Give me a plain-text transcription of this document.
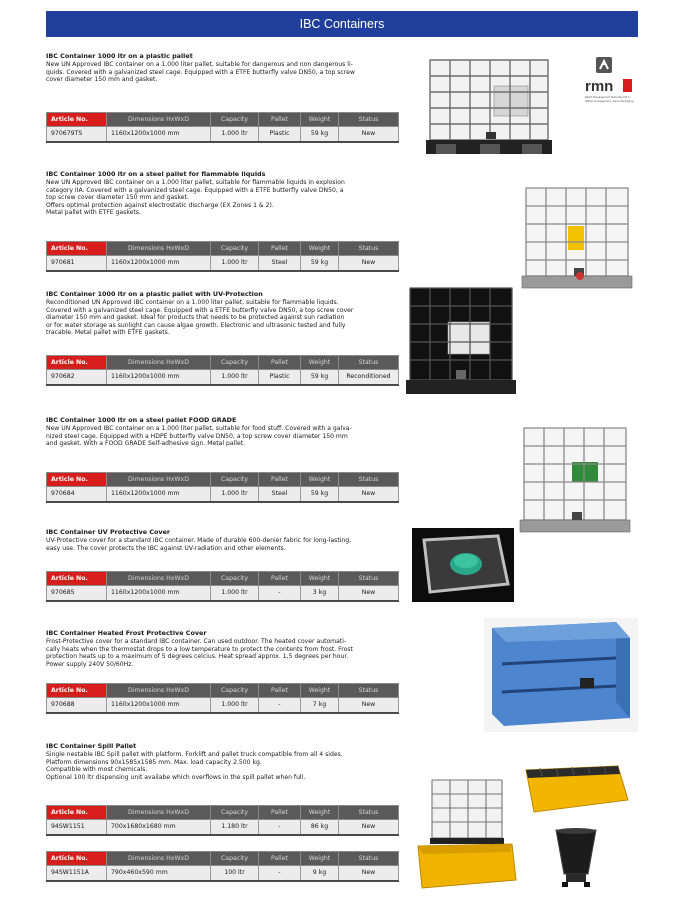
IBC Containers
IBC Container 1000 ltr on a plastic pallet
New UN Approved IBC container on a 1.000 liter pallet, suitable for dangerous and non dangerous li-
quids. Covered with a galvanized steel cage. Equipped with a ETFE butterfly valve DN50, a top screw
cover diameter 150 mm and gasket.
Article No.	Dimensions HxWxD	Capacity	Pallet	Weight	Status
970679TS	1160x1200x1000 mm	1.000 ltr	Plastic	59 kg	New
IBC Container 1000 ltr on a steel pallet for flammable liquids
New UN Approved IBC container on a 1.000 liter pallet, suitable for flammable liquids in explosion
category IIA. Covered with a galvanized steel cage. Equipped with a ETFE butterfly valve DN50, a
top screw cover diameter 150 mm and gasket.
Offers optimal protection against electrostatic discharge (EX Zones 1 & 2).
Metal pallet with ETFE gaskets.
Article No.	Dimensions HxWxD	Capacity	Pallet	Weight	Status
970681	1160x1200x1000 mm	1.000 ltr	Steel	59 kg	New
IBC Container 1000 ltr on a plastic pallet with UV-Protection
Reconditioned UN Approved IBC container on a 1.000 liter pallet, suitable for flammable liquids.
Covered with a galvanized steel cage. Equipped with a ETFE butterfly valve DN50, a top screw cover
diameter 150 mm and gasket. Ideal for products that needs to be protected against sun radiation
or for water storage as sunlight can cause algae growth. Electronic and ultrasonic tested and fully
tracable. Metal pallet with ETFE gaskets.
Article No.	Dimensions HxWxD	Capacity	Pallet	Weight	Status
970682	1160x1200x1000 mm	1.000 ltr	Plastic	59 kg	Reconditioned
IBC Container 1000 ltr on a steel pallet FOOD GRADE
New UN Approved IBC container on a 1.000 liter pallet, suitable for food stuff. Covered with a galva-
nized steel cage. Equipped with a HDPE butterfly valve DN50, a top screw cover diameter 150 mm
and gasket. With a FOOD GRADE Self-adhesive sign. Metal pallet.
Article No.	Dimensions HxWxD	Capacity	Pallet	Weight	Status
970684	1160x1200x1000 mm	1.000 ltr	Steel	59 kg	New
IBC Container UV Protective Cover
UV-Protective cover for a standard IBC container. Made of durable 600-denier fabric for long-lasting,
easy use. The cover protects the IBC against UV-radiation and other elements.
Article No.	Dimensions HxWxD	Capacity	Pallet	Weight	Status
970685	1160x1200x1000 mm	1.000 ltr	-	3 kg	New
IBC Container Heated Frost Protective Cover
Frost-Protective cover for a standard IBC container. Can used outdoor. The heated cover automati-
cally heats when the thermostat drops to a low temperature to protect the contents from frost. Frost
protection heats up to a maximum of 5 degrees celcius. Heat spread approx. 1,5 degrees per hour.
Power supply 240V 50/60Hz.
Article No.	Dimensions HxWxD	Capacity	Pallet	Weight	Status
970688	1160x1200x1000 mm	1.000 ltr	-	7 kg	New
IBC Container Spill Pallet
Single nestable IBC Spill pallet with platform. Forklift and pallet truck compatible from all 4 sides.
Platform dimensions 90x1585x1585 mm. Max. load capacity 2.500 kg.
Compatible with most chemicals.
Optional 100 ltr dispensing unit availabe which overflows in the spill pallet when full.
Article No.	Dimensions HxWxD	Capacity	Pallet	Weight	Status
94SW1151	700x1680x1680 mm	1.180 ltr	-	86 kg	New
Article No.	Dimensions HxWxD	Capacity	Pallet	Weight	Status
94SW1151A	790x460x590 mm	100 ltr	-	9 kg	New
rmn
Ralph Management Nederland B.V.
Waste management, Issue Packaging
